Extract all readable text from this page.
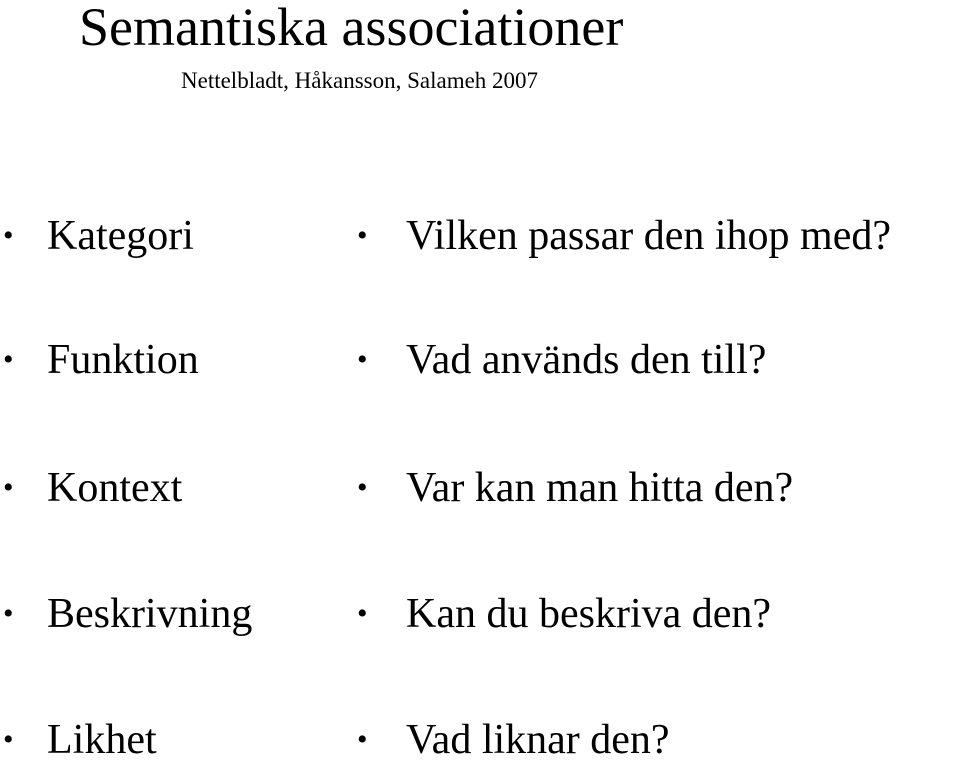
Semantiska associationer
Nettelbladt, Håkansson, Salameh 2007
• Kategori	• Vilken passar den ihop med?
• Funktion	• Vad används den till?
• Kontext	• Var kan man hitta den?
• Beskrivning	• Kan du beskriva den?
• Likhet	• Vad liknar den?
